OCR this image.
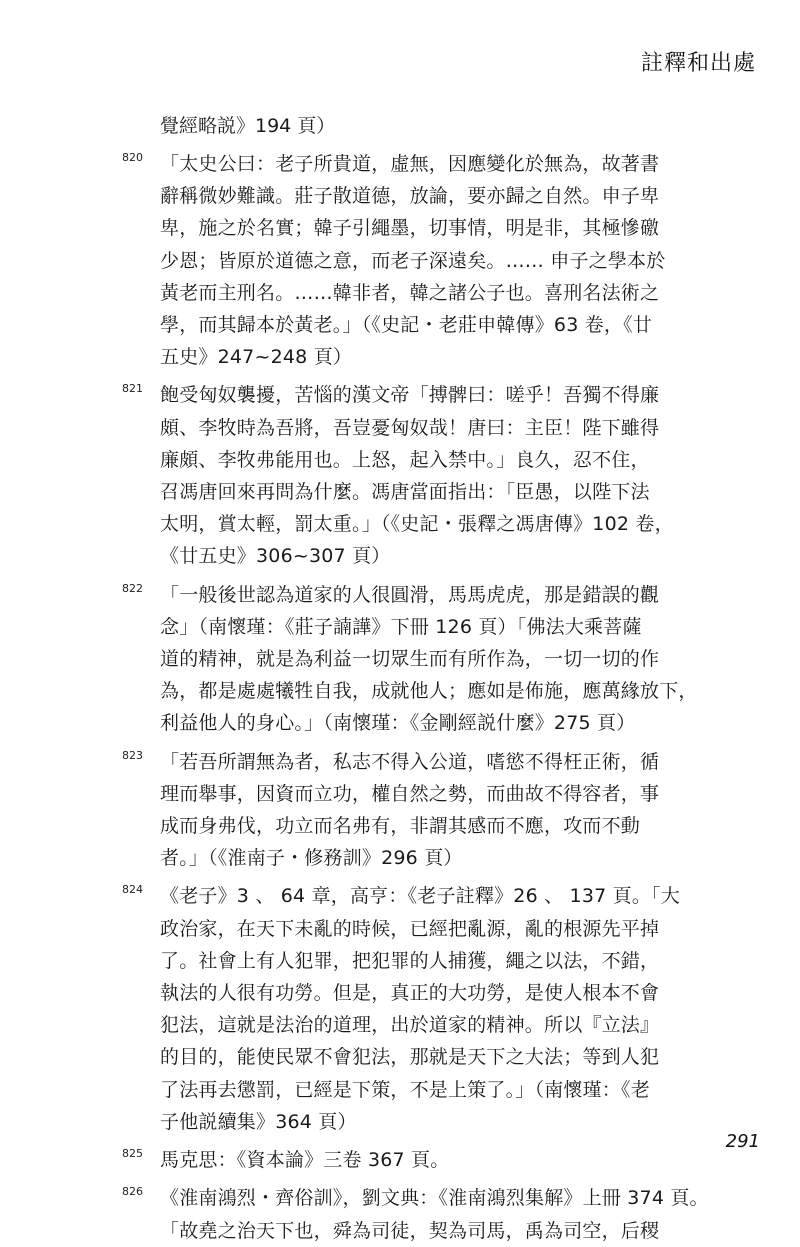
註釋和出處
覺經略説》194 頁）
820 「太史公曰：老子所貴道，虛無，因應變化於無為，故著書
辭稱微妙難識。莊子散道德，放論，要亦歸之自然。申子卑
卑，施之於名實；韓子引繩墨，切事情，明是非，其極慘礉
少恩；皆原於道德之意，而老子深遠矣。…… 申子之學本於
黃老而主刑名。……韓非者，韓之諸公子也。喜刑名法術之
學，而其歸本於黃老。」（《史記・老莊申韓傳》63 卷，《廿
五史》247~248 頁）
821 飽受匈奴襲擾，苦惱的漢文帝「搏髀曰：嗟乎！吾獨不得廉
頗、李牧時為吾將，吾豈憂匈奴哉！唐曰：主臣！陛下雖得
廉頗、李牧弗能用也。上怒，起入禁中。」良久，忍不住，
召馮唐回來再問為什麼。馮唐當面指出：「臣愚，以陛下法
太明，賞太輕，罰太重。」（《史記・張釋之馮唐傳》102 卷，
《廿五史》306~307 頁）
822 「一般後世認為道家的人很圓滑，馬馬虎虎，那是錯誤的觀
念」（南懷瑾：《莊子諵譁》下冊 126 頁）「佛法大乘菩薩
道的精神，就是為利益一切眾生而有所作為，一切一切的作
為，都是處處犧牲自我，成就他人；應如是佈施，應萬緣放下，
利益他人的身心。」（南懷瑾：《金剛經説什麼》275 頁）
823 「若吾所謂無為者，私志不得入公道，嗜慾不得枉正術，循
理而舉事，因資而立功，權自然之勢，而曲故不得容者，事
成而身弗伐，功立而名弗有，非謂其感而不應，攻而不動
者。」（《淮南子・修務訓》296 頁）
824 《老子》3 、 64 章，高亨：《老子註釋》26 、 137 頁。「大
政治家，在天下未亂的時候，已經把亂源，亂的根源先平掉
了。社會上有人犯罪，把犯罪的人捕獲，繩之以法，不錯，
執法的人很有功勞。但是，真正的大功勞，是使人根本不會
犯法，這就是法治的道理，出於道家的精神。所以『立法』
的目的，能使民眾不會犯法，那就是天下之大法；等到人犯
了法再去懲罰，已經是下策，不是上策了。」（南懷瑾：《老
子他説續集》364 頁）
825 馬克思：《資本論》三卷 367 頁。
826 《淮南鴻烈・齊俗訓》，劉文典：《淮南鴻烈集解》上冊 374 頁。
「故堯之治天下也，舜為司徒，契為司馬，禹為司空，后稷
291
